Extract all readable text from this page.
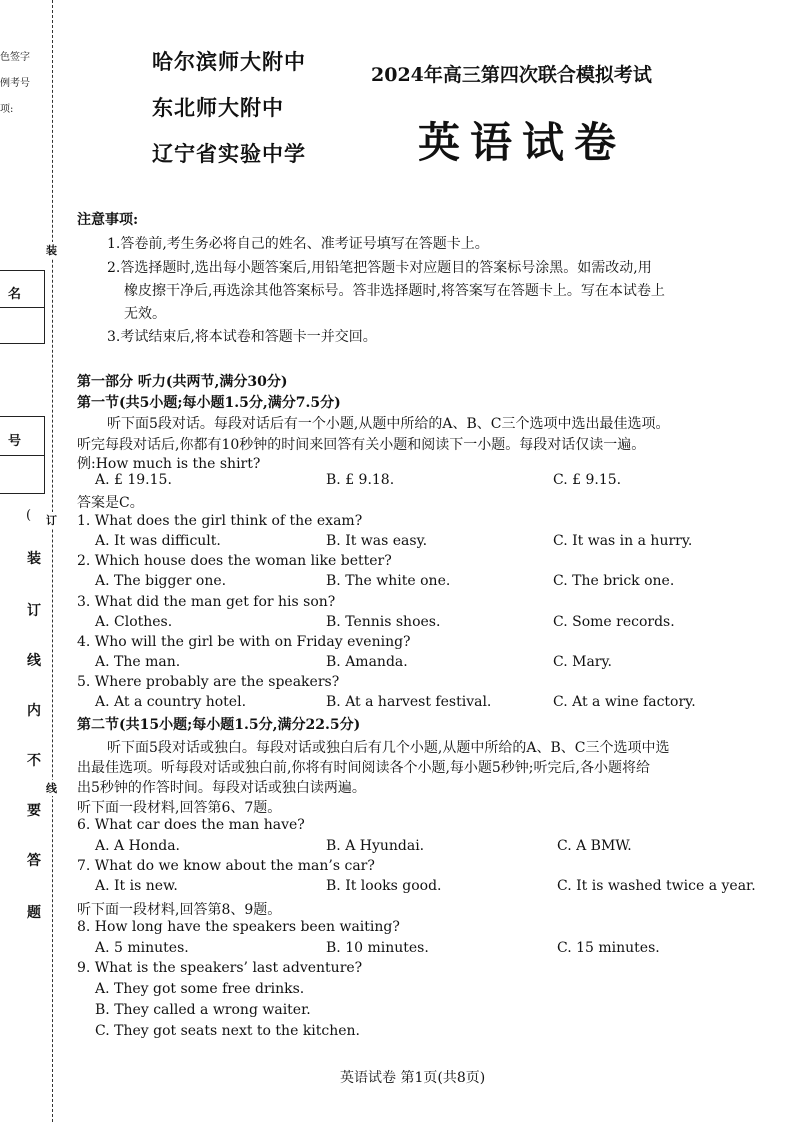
色签字
例考号
项:
名
号
(
装
订
线
内
不
要
答
题
装
订
线
哈尔滨师大附中
东北师大附中
辽宁省实验中学
2024年高三第四次联合模拟考试
英语试卷
注意事项:
1.答卷前,考生务必将自己的姓名、准考证号填写在答题卡上。
2.答选择题时,选出每小题答案后,用铅笔把答题卡对应题目的答案标号涂黑。如需改动,用
橡皮擦干净后,再选涂其他答案标号。答非选择题时,将答案写在答题卡上。写在本试卷上
无效。
3.考试结束后,将本试卷和答题卡一并交回。
第一部分 听力(共两节,满分30分)
第一节(共5小题;每小题1.5分,满分7.5分)
听下面5段对话。每段对话后有一个小题,从题中所给的A、B、C三个选项中选出最佳选项。
听完每段对话后,你都有10秒钟的时间来回答有关小题和阅读下一小题。每段对话仅读一遍。
例:How much is the shirt?
A. £ 19.15.	B. £ 9.18.	C. £ 9.15.
答案是C。
1. What does the girl think of the exam?
A. It was difficult.	B. It was easy.	C. It was in a hurry.
2. Which house does the woman like better?
A. The bigger one.	B. The white one.	C. The brick one.
3. What did the man get for his son?
A. Clothes.	B. Tennis shoes.	C. Some records.
4. Who will the girl be with on Friday evening?
A. The man.	B. Amanda.	C. Mary.
5. Where probably are the speakers?
A. At a country hotel.	B. At a harvest festival.	C. At a wine factory.
第二节(共15小题;每小题1.5分,满分22.5分)
听下面5段对话或独白。每段对话或独白后有几个小题,从题中所给的A、B、C三个选项中选
出最佳选项。听每段对话或独白前,你将有时间阅读各个小题,每小题5秒钟;听完后,各小题将给
出5秒钟的作答时间。每段对话或独白读两遍。
听下面一段材料,回答第6、7题。
6. What car does the man have?
A. A Honda.	B. A Hyundai.	C. A BMW.
7. What do we know about the man’s car?
A. It is new.	B. It looks good.	C. It is washed twice a year.
听下面一段材料,回答第8、9题。
8. How long have the speakers been waiting?
A. 5 minutes.	B. 10 minutes.	C. 15 minutes.
9. What is the speakers’ last adventure?
A. They got some free drinks.
B. They called a wrong waiter.
C. They got seats next to the kitchen.
英语试卷 第1页(共8页)
